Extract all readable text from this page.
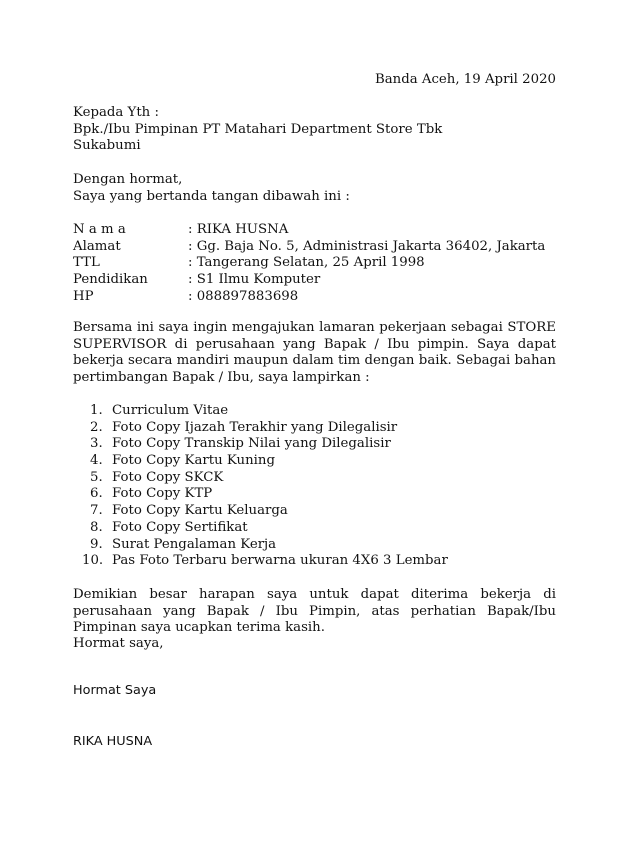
Banda Aceh, 19 April 2020
Kepada Yth :
Bpk./Ibu Pimpinan PT Matahari Department Store Tbk
Sukabumi
Dengan hormat,
Saya yang bertanda tangan dibawah ini :
N a m a	: RIKA HUSNA
Alamat	: Gg. Baja No. 5, Administrasi Jakarta 36402, Jakarta
TTL	: Tangerang Selatan, 25 April 1998
Pendidikan	: S1 Ilmu Komputer
HP	: 088897883698
Bersama ini saya ingin mengajukan lamaran pekerjaan sebagai STORE SUPERVISOR di perusahaan yang Bapak / Ibu pimpin. Saya dapat bekerja secara mandiri maupun dalam tim dengan baik. Sebagai bahan pertimbangan Bapak / Ibu, saya lampirkan :
1. Curriculum Vitae
2. Foto Copy Ijazah Terakhir yang Dilegalisir
3. Foto Copy Transkip Nilai yang Dilegalisir
4. Foto Copy Kartu Kuning
5. Foto Copy SKCK
6. Foto Copy KTP
7. Foto Copy Kartu Keluarga
8. Foto Copy Sertifikat
9. Surat Pengalaman Kerja
10. Pas Foto Terbaru berwarna ukuran 4X6 3 Lembar
Demikian besar harapan saya untuk dapat diterima bekerja di perusahaan yang Bapak / Ibu Pimpin, atas perhatian Bapak/Ibu Pimpinan saya ucapkan terima kasih.
Hormat saya,
Hormat Saya
RIKA HUSNA
